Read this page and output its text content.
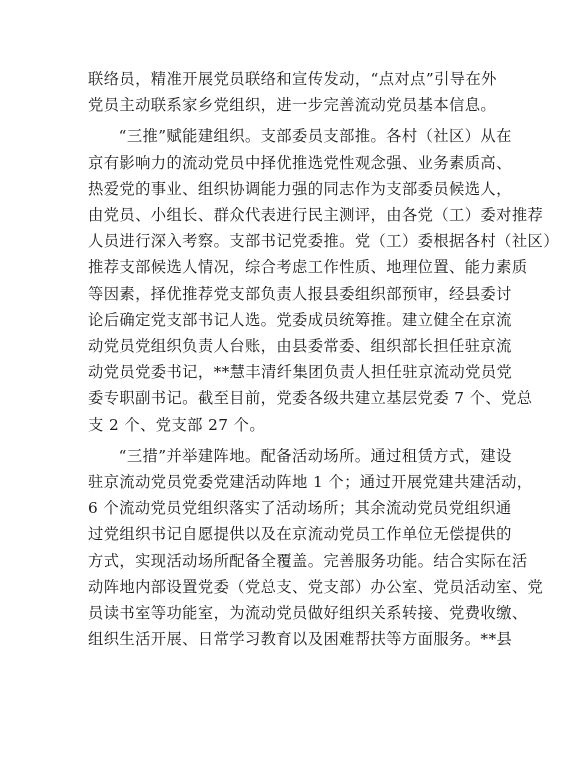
联络员，精准开展党员联络和宣传发动，“点对点”引导在外
党员主动联系家乡党组织，进一步完善流动党员基本信息。
“三推”赋能建组织。支部委员支部推。各村（社区）从在
京有影响力的流动党员中择优推选党性观念强、业务素质高、
热爱党的事业、组织协调能力强的同志作为支部委员候选人，
由党员、小组长、群众代表进行民主测评，由各党（工）委对推荐
人员进行深入考察。支部书记党委推。党（工）委根据各村（社区）
推荐支部候选人情况，综合考虑工作性质、地理位置、能力素质
等因素，择优推荐党支部负责人报县委组织部预审，经县委讨
论后确定党支部书记人选。党委成员统筹推。建立健全在京流
动党员党组织负责人台账，由县委常委、组织部长担任驻京流
动党员党委书记，**慧丰清纤集团负责人担任驻京流动党员党
委专职副书记。截至目前，党委各级共建立基层党委 7 个、党总
支 2 个、党支部 27 个。
“三措”并举建阵地。配备活动场所。通过租赁方式，建设
驻京流动党员党委党建活动阵地 1 个；通过开展党建共建活动，
6 个流动党员党组织落实了活动场所；其余流动党员党组织通
过党组织书记自愿提供以及在京流动党员工作单位无偿提供的
方式，实现活动场所配备全覆盖。完善服务功能。结合实际在活
动阵地内部设置党委（党总支、党支部）办公室、党员活动室、党
员读书室等功能室，为流动党员做好组织关系转接、党费收缴、
组织生活开展、日常学习教育以及困难帮扶等方面服务。**县
